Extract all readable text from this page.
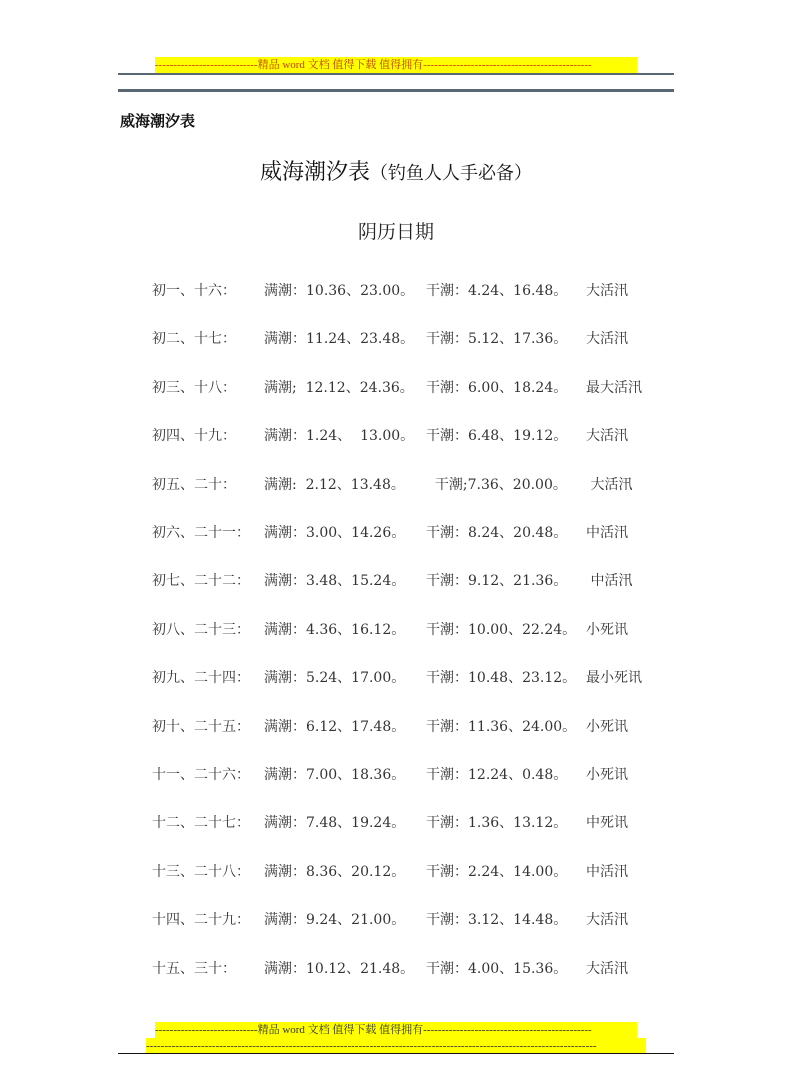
----------------------------精品 word 文档 值得下载 值得拥有----------------------------------------------
威海潮汐表
威海潮汐表（钓鱼人人手必备）
阴历日期
初一、十六： 满潮：10.36、23.00。 干潮：4.24、16.48。 大活汛
初二、十七： 满潮：11.24、23.48。 干潮：5.12、17.36。 大活汛
初三、十八： 满潮;  12.12、24.36。 干潮：6.00、18.24。 最大活汛
初四、十九： 满潮：1.24、  13.00。 干潮：6.48、19.12。 大活汛
初五、二十： 满潮:  2.12、13.48。  干潮;7.36、20.00。 大活汛
初六、二十一： 满潮：3.00、14.26。 干潮：8.24、20.48。 中活汛
初七、二十二： 满潮：3.48、15.24。 干潮：9.12、21.36。 中活汛
初八、二十三： 满潮：4.36、16.12。 干潮：10.00、22.24。 小死讯
初九、二十四： 满潮：5.24、17.00。 干潮：10.48、23.12。 最小死讯
初十、二十五： 满潮：6.12、17.48。 干潮：11.36、24.00。 小死讯
十一、二十六： 满潮：7.00、18.36。 干潮：12.24、0.48。 小死讯
十二、二十七： 满潮：7.48、19.24。 干潮：1.36、13.12。 中死讯
十三、二十八： 满潮：8.36、20.12。 干潮：2.24、14.00。 中活汛
十四、二十九： 满潮：9.24、21.00。 干潮：3.12、14.48。 大活汛
十五、三十： 满潮：10.12、21.48。 干潮：4.00、15.36。 大活汛
----------------------------精品 word 文档 值得下载 值得拥有----------------------------------------------
---------------------------------------------------------------------------------------------------------------------------
